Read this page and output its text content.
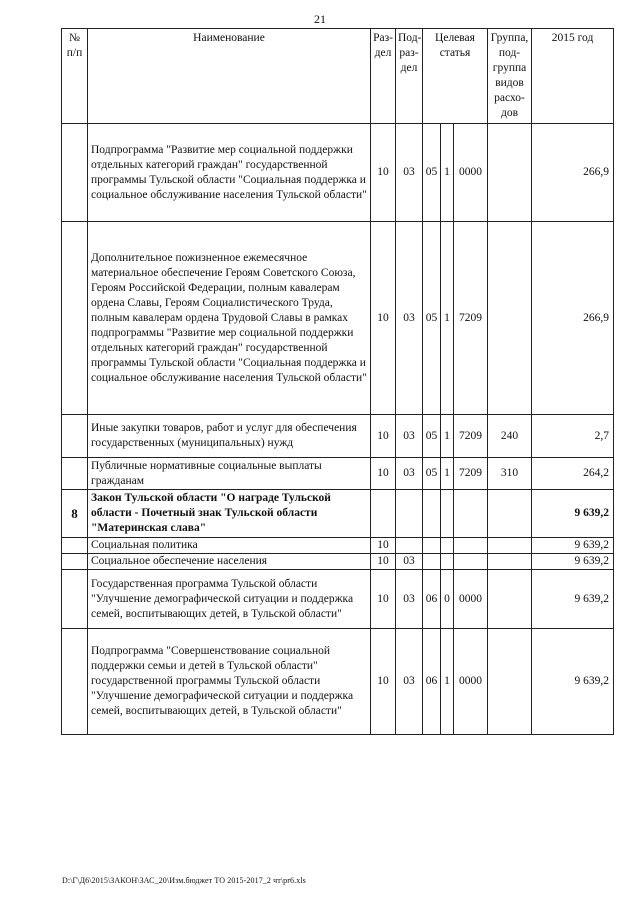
21
№ п/п	Наименование	Раз-дел	Под-раз-дел	Целевая статья			Группа, под-группа видов расхо-дов	2015 год
	Подпрограмма "Развитие мер социальной поддержки отдельных категорий граждан" государственной программы Тульской области "Социальная поддержка и социальное обслуживание населения Тульской области"	10	03	05	1	0000		266,9
	Дополнительное пожизненное ежемесячное материальное обеспечение Героям Советского Союза, Героям Российской Федерации, полным кавалерам ордена Славы, Героям Социалистического Труда, полным кавалерам ордена Трудовой Славы в рамках подпрограммы "Развитие мер социальной поддержки отдельных категорий граждан" государственной программы Тульской области "Социальная поддержка и социальное обслуживание населения Тульской области"	10	03	05	1	7209		266,9
	Иные закупки товаров, работ и услуг для обеспечения государственных (муниципальных) нужд	10	03	05	1	7209	240	2,7
	Публичные нормативные социальные выплаты гражданам	10	03	05	1	7209	310	264,2
8	Закон Тульской области "О награде Тульской области - Почетный знак Тульской области "Материнская слава"							9 639,2
	Социальная политика	10						9 639,2
	Социальное обеспечение населения	10	03					9 639,2
	Государственная программа Тульской области "Улучшение демографической ситуации и поддержка семей, воспитывающих детей, в Тульской области"	10	03	06	0	0000		9 639,2
	Подпрограмма "Совершенствование социальной поддержки семьи и детей в Тульской области" государственной программы Тульской области "Улучшение демографической ситуации и поддержка семей, воспитывающих детей, в Тульской области"	10	03	06	1	0000		9 639,2
D:\Г\Д6\2015\ЗАКОН\ЗАС_20\Изм.бюджет ТО 2015-2017_2 чт\pr6.xls
